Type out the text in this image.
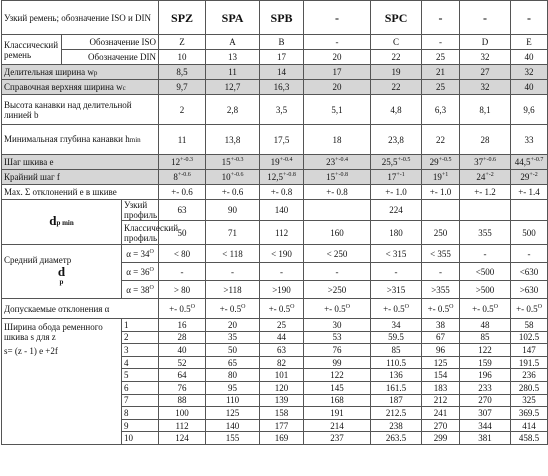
Узкий ремень; обозначение ISO и DIN			SPZ	SPA	SPB	-	SPC	-	-	-
Классический ремень	Обозначение ISO		Z	A	B	-	C	-	D	E
	Обозначение DIN		10	13	17	20	22	25	32	40
Делительная ширина wp			8,5	11	14	17	19	21	27	32
Справочная верхняя ширина wc			9,7	12,7	16,3	20	22	25	32	40
Высота канавки над делительной линией b			2	2,8	3,5	5,1	4,8	6,3	8,1	9,6
Минимальная глубина канавки hmin			11	13,8	17,5	18	23,8	22	28	33
Шаг шкива е			$12^{+-0.3}$	$15^{+-0.3}$	$19^{+-0.4}$	$23^{+-0.4}$	$25,5^{+-0.5}$	$29^{+-0.5}$	$37^{+-0.6}$	$44,5^{+-0.7}$
Крайний шаг f			$8^{+-0.6}$	$10^{+-0.6}$	$12,5^{+-0.8}$	$15^{+-0.8}$	$17^{+-1}$	$19^{+1}$	$24^{+-2}$	$29^{+-2}$
Max. Σ отклонений е в шкиве			+- 0.6	+- 0.6	+- 0.8	+- 0.8	+- 1.0	+- 1.0	+- 1.2	+- 1.4
dp min		Узкий профиль	63	90	140		224			
		Классический профиль	50	71	112	160	180	250	355	500

Средний диаметр
d
p		$\alpha = 34^O$	< 80	< 118	< 190	< 250	< 315	< 355	-	-
		$\alpha = 36^O$	-	-	-	-	-	-	<500	<630
		$\alpha = 38^O$	> 80	>118	>190	>250	>315	>355	>500	>630
Допускаемые отклонения α			+- $0.5^O$	+- $0.5^O$	+- $0.5^O$	+- $0.5^O$	+- $0.5^O$	+- $0.5^O$	+- $0.5^O$	+- $0.5^O$

Ширина обода ременного шкива s для z
s= (z - 1) e +2f		1	16	20	25	30	34	38	48	58
		2	28	35	44	53	59.5	67	85	102.5
		3	40	50	63	76	85	96	122	147
		4	52	65	82	99	110.5	125	159	191.5
		5	64	80	101	122	136	154	196	236
		6	76	95	120	145	161.5	183	233	280.5
		7	88	110	139	168	187	212	270	325
		8	100	125	158	191	212.5	241	307	369.5
		9	112	140	177	214	238	270	344	414
		10	124	155	169	237	263.5	299	381	458.5
